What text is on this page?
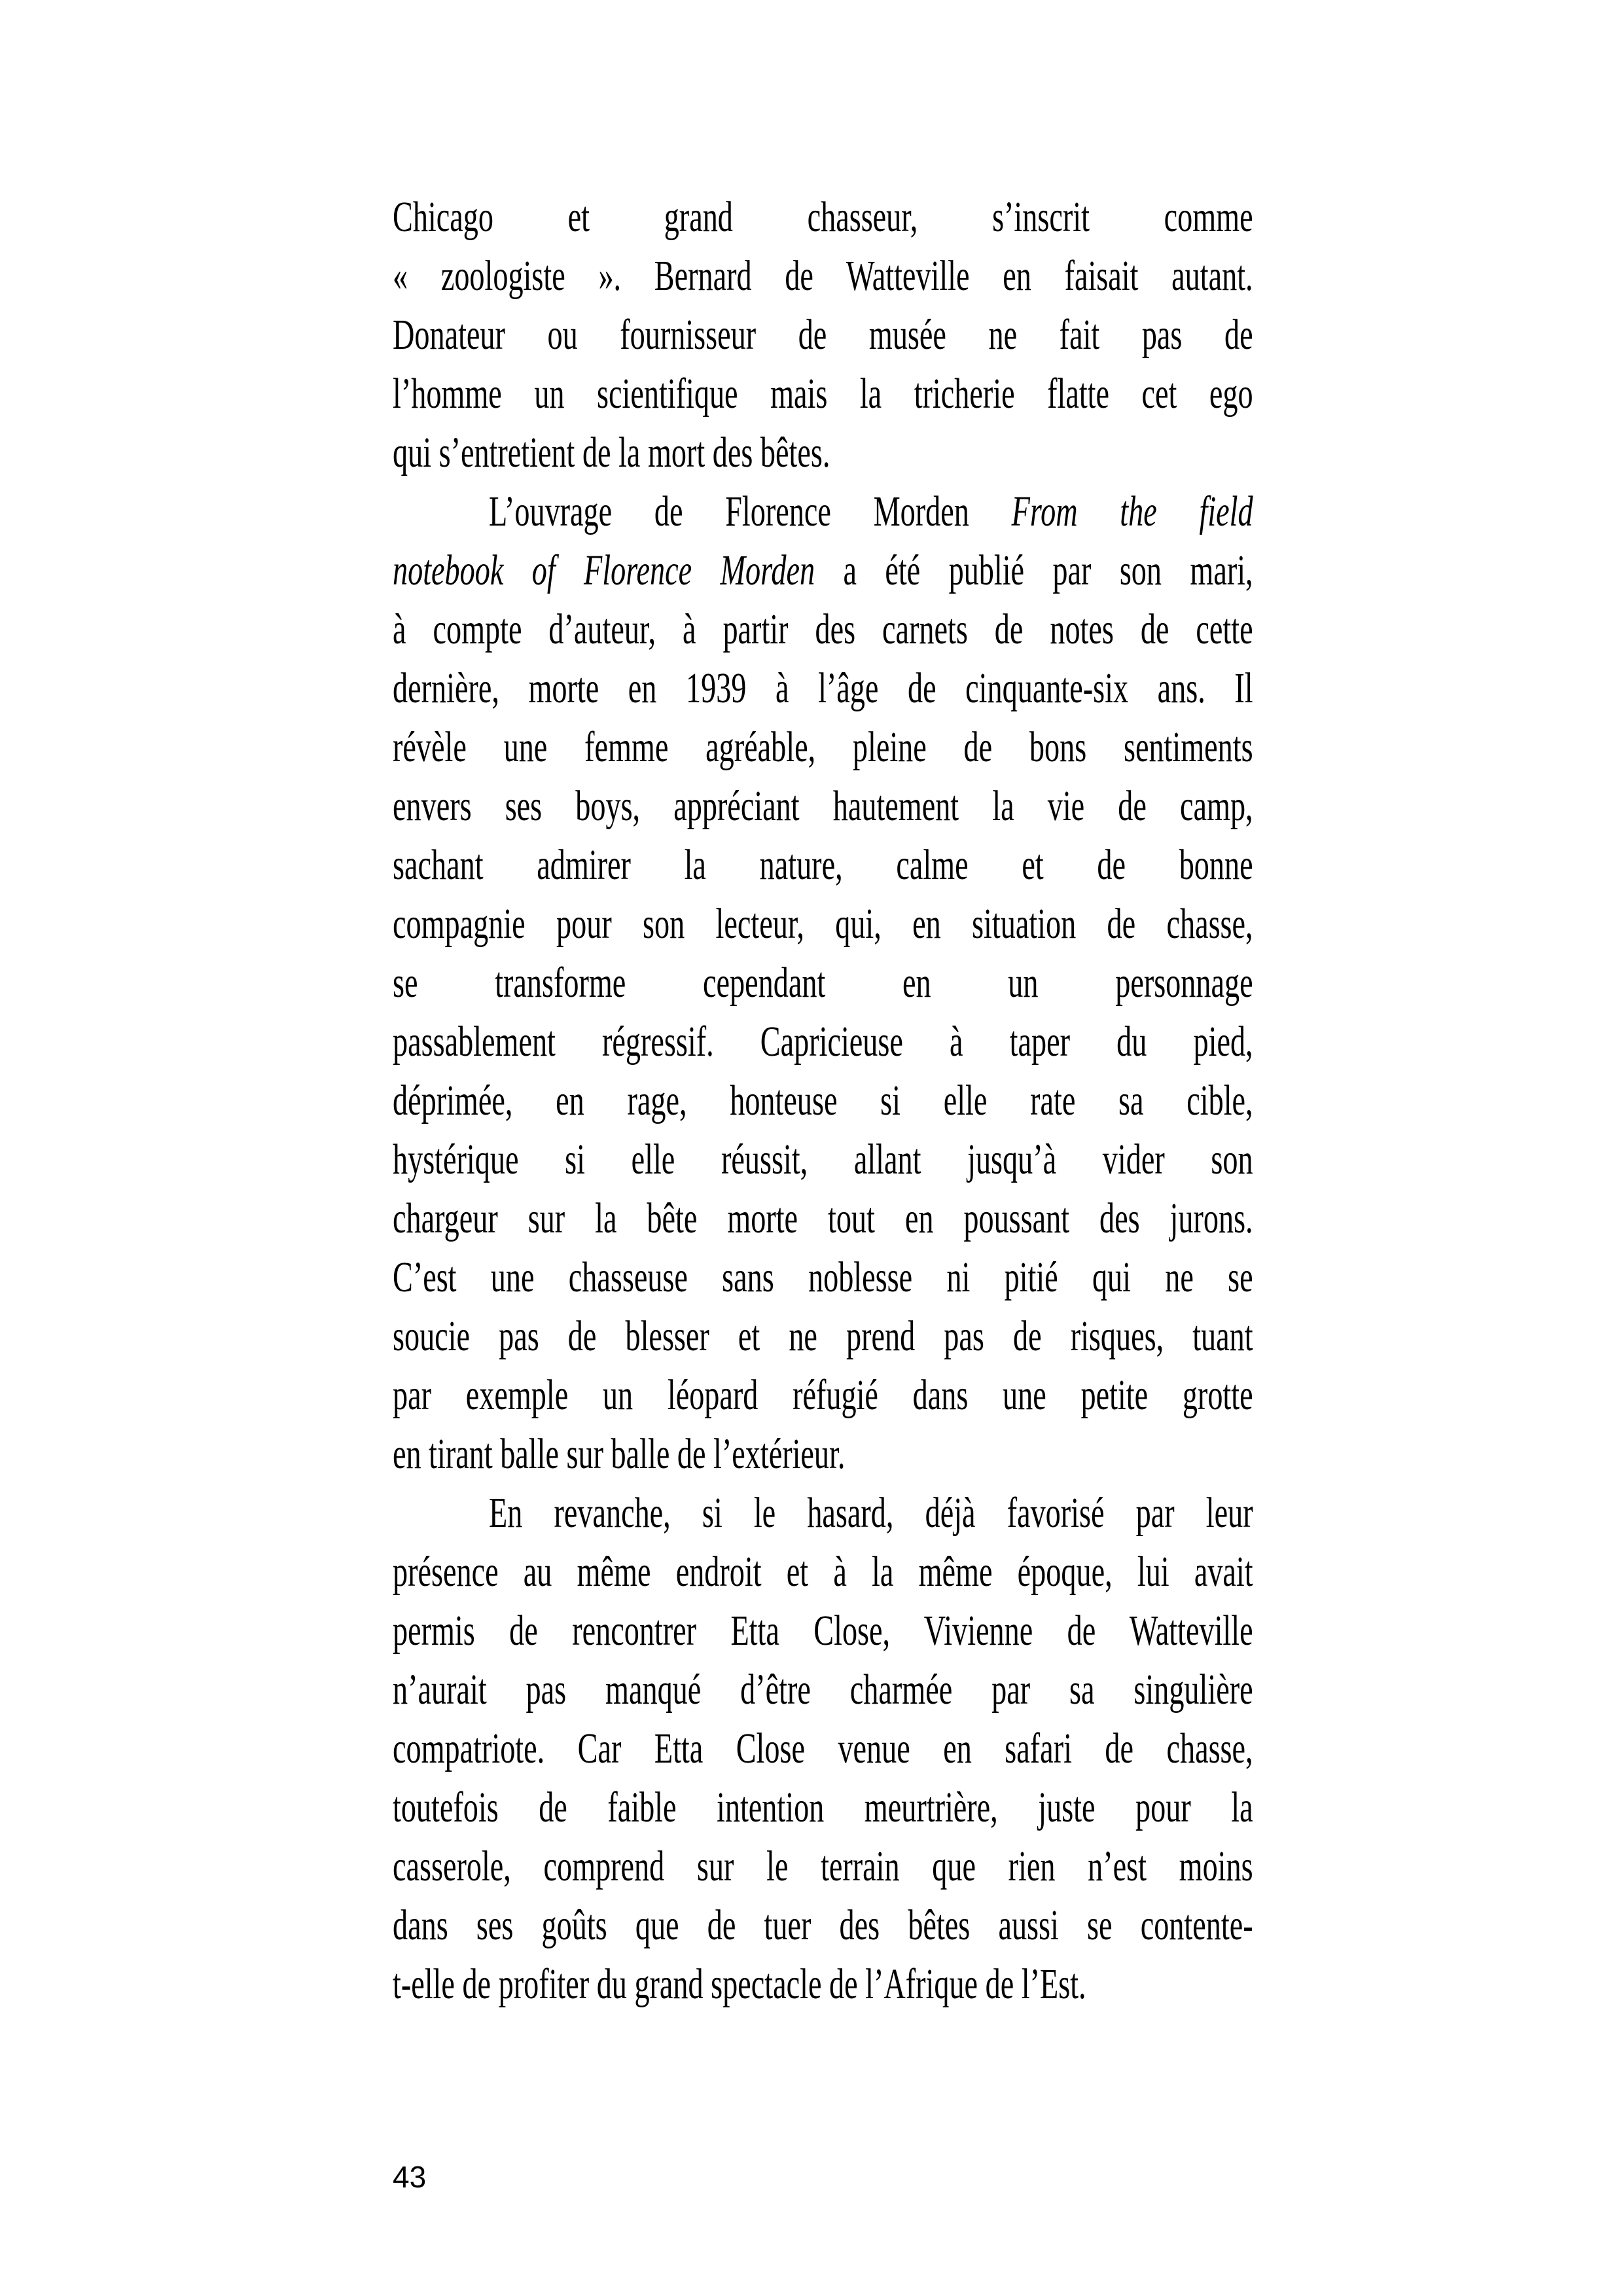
Chicago et grand chasseur, s’inscrit comme
« zoologiste ». Bernard de Watteville en faisait autant.
Donateur ou fournisseur de musée ne fait pas de
l’homme un scientifique mais la tricherie flatte cet ego
qui s’entretient de la mort des bêtes.
L’ouvrage de Florence Morden From the field
notebook of Florence Morden a été publié par son mari,
à compte d’auteur, à partir des carnets de notes de cette
dernière, morte en 1939 à l’âge de cinquante-six ans. Il
révèle une femme agréable, pleine de bons sentiments
envers ses boys, appréciant hautement la vie de camp,
sachant admirer la nature, calme et de bonne
compagnie pour son lecteur, qui, en situation de chasse,
se transforme cependant en un personnage
passablement régressif. Capricieuse à taper du pied,
déprimée, en rage, honteuse si elle rate sa cible,
hystérique si elle réussit, allant jusqu’à vider son
chargeur sur la bête morte tout en poussant des jurons.
C’est une chasseuse sans noblesse ni pitié qui ne se
soucie pas de blesser et ne prend pas de risques, tuant
par exemple un léopard réfugié dans une petite grotte
en tirant balle sur balle de l’extérieur.
En revanche, si le hasard, déjà favorisé par leur
présence au même endroit et à la même époque, lui avait
permis de rencontrer Etta Close, Vivienne de Watteville
n’aurait pas manqué d’être charmée par sa singulière
compatriote. Car Etta Close venue en safari de chasse,
toutefois de faible intention meurtrière, juste pour la
casserole, comprend sur le terrain que rien n’est moins
dans ses goûts que de tuer des bêtes aussi se contente-
t-elle de profiter du grand spectacle de l’Afrique de l’Est.
43
